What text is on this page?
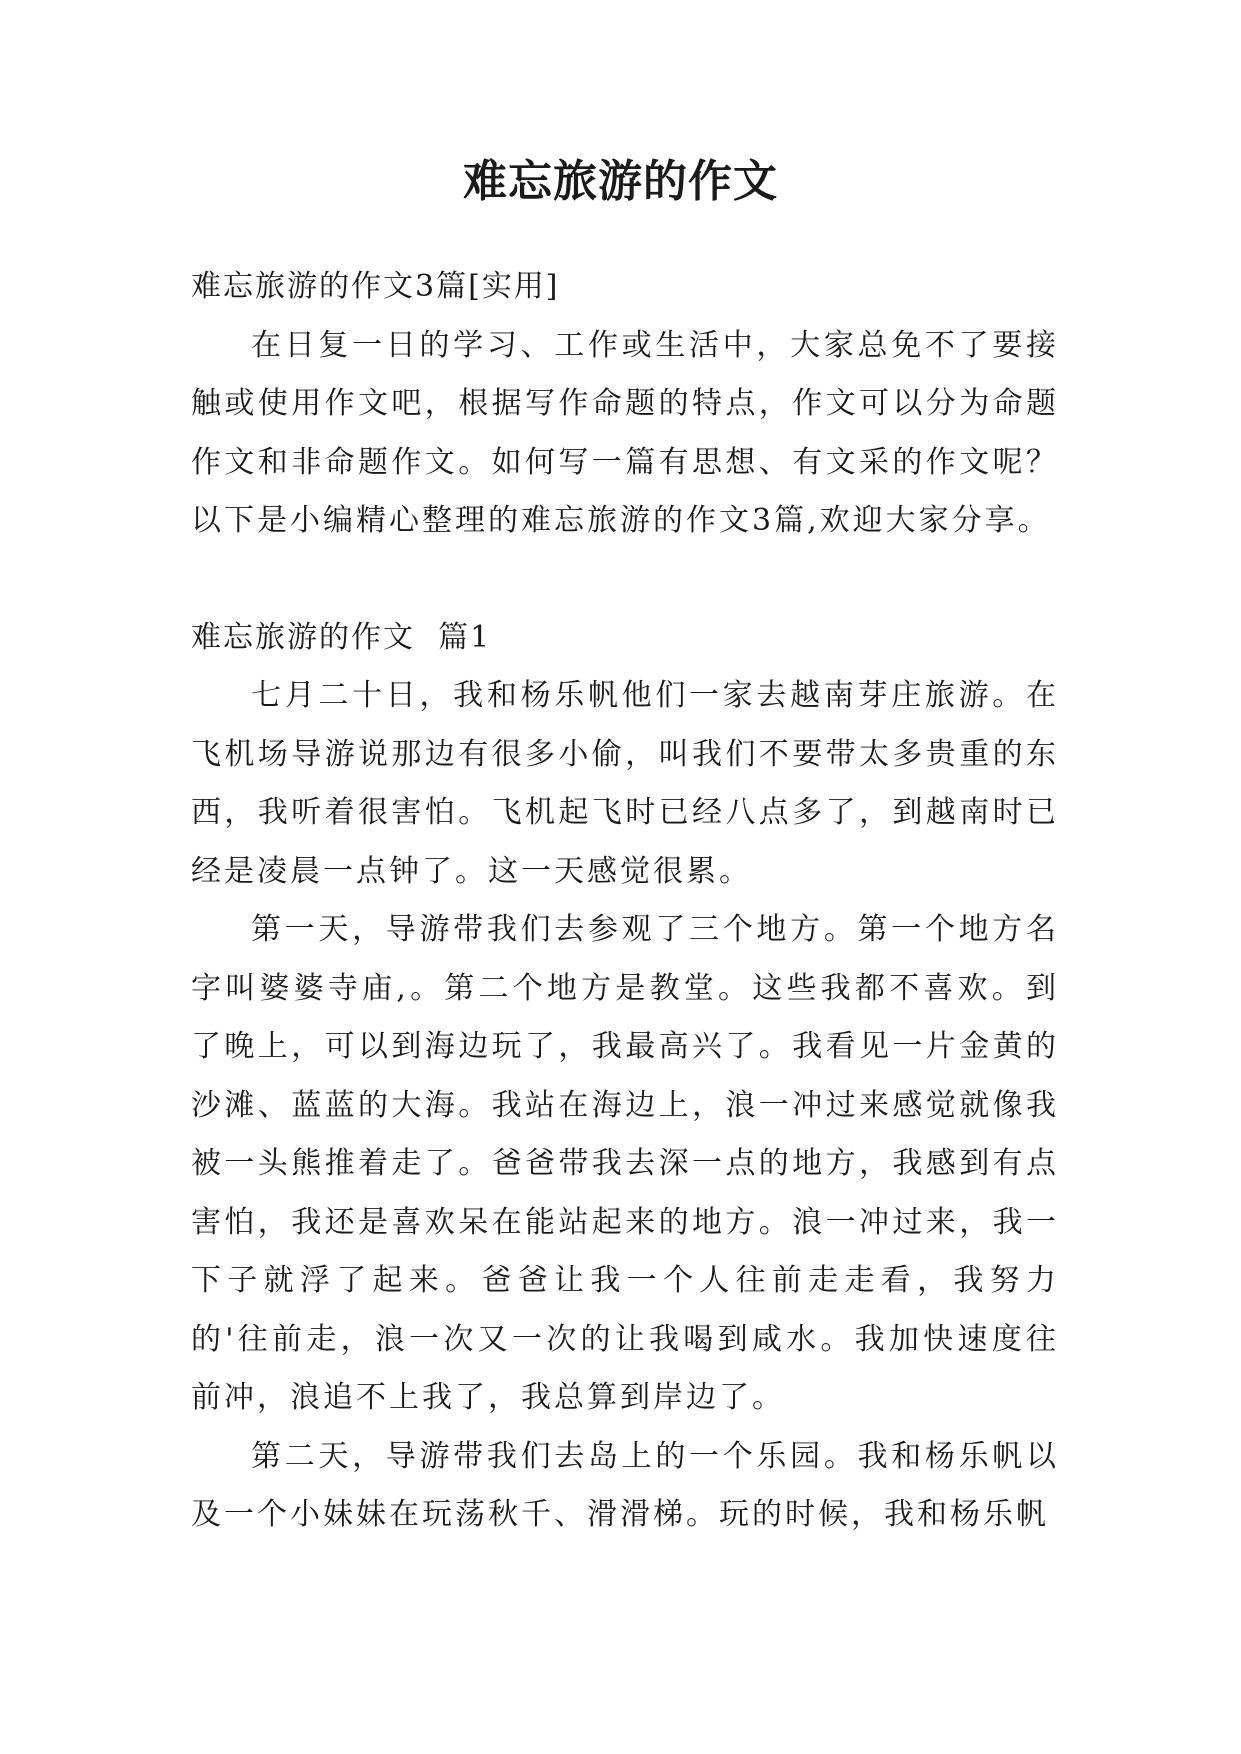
难忘旅游的作文

难忘旅游的作文3篇[实用]

在日复一日的学习、工作或生活中，大家总免不了要接触或使用作文吧，根据写作命题的特点，作文可以分为命题作文和非命题作文。如何写一篇有思想、有文采的作文呢？以下是小编精心整理的难忘旅游的作文3篇,欢迎大家分享。

难忘旅游的作文  篇1

七月二十日，我和杨乐帆他们一家去越南芽庄旅游。在飞机场导游说那边有很多小偷，叫我们不要带太多贵重的东西，我听着很害怕。飞机起飞时已经八点多了，到越南时已经是凌晨一点钟了。这一天感觉很累。

第一天，导游带我们去参观了三个地方。第一个地方名字叫婆婆寺庙,。第二个地方是教堂。这些我都不喜欢。到了晚上，可以到海边玩了，我最高兴了。我看见一片金黄的沙滩、蓝蓝的大海。我站在海边上，浪一冲过来感觉就像我被一头熊推着走了。爸爸带我去深一点的地方，我感到有点害怕，我还是喜欢呆在能站起来的地方。浪一冲过来，我一下子就浮了起来。爸爸让我一个人往前走走看，我努力的'往前走，浪一次又一次的让我喝到咸水。我加快速度往前冲，浪追不上我了，我总算到岸边了。

第二天，导游带我们去岛上的一个乐园。我和杨乐帆以及一个小妹妹在玩荡秋千、滑滑梯。玩的时候，我和杨乐帆
